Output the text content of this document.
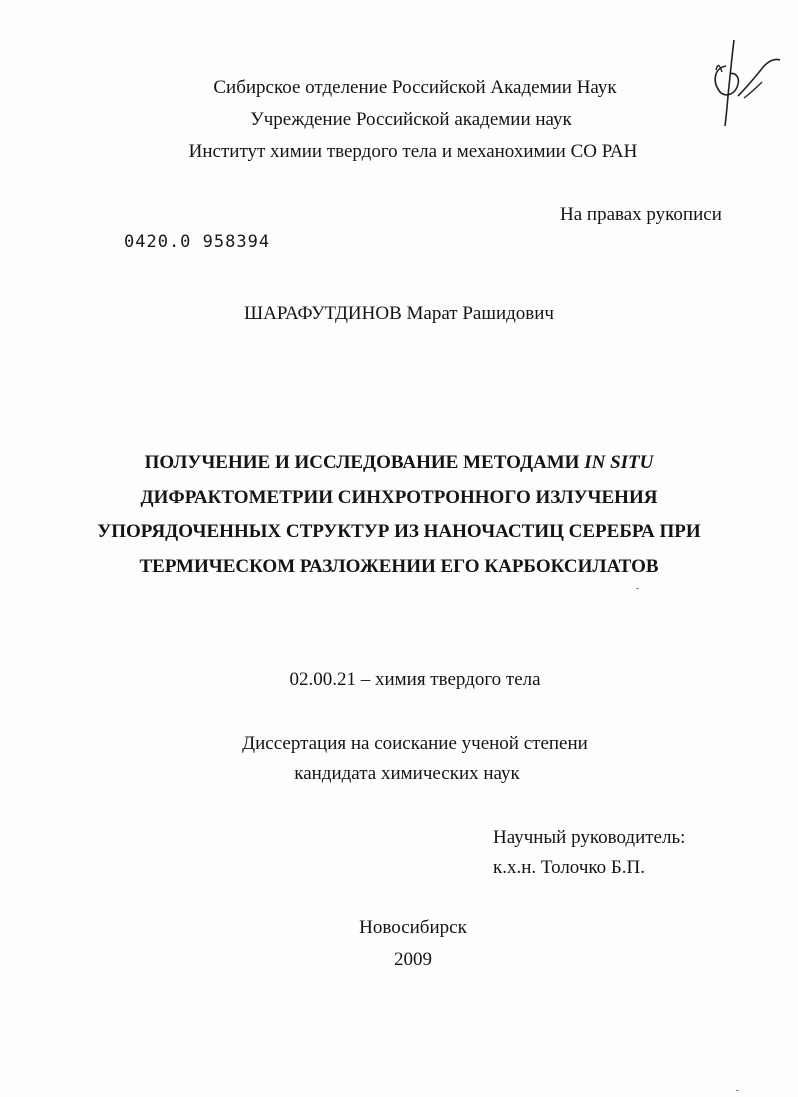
Сибирское отделение Российской Академии Наук
Учреждение Российской академии наук
Институт химии твердого тела и механохимии СО РАН
На правах рукописи
0420.0 958394
ШАРАФУТДИНОВ Марат Рашидович
ПОЛУЧЕНИЕ И ИССЛЕДОВАНИЕ МЕТОДАМИ IN SITU
ДИФРАКТОМЕТРИИ СИНХРОТРОННОГО ИЗЛУЧЕНИЯ
УПОРЯДОЧЕННЫХ СТРУКТУР ИЗ НАНОЧАСТИЦ СЕРЕБРА ПРИ
ТЕРМИЧЕСКОМ РАЗЛОЖЕНИИ ЕГО КАРБОКСИЛАТОВ
02.00.21 – химия твердого тела
Диссертация на соискание ученой степени
кандидата химических наук
Научный руководитель:
к.х.н. Толочко Б.П.
Новосибирск
2009
